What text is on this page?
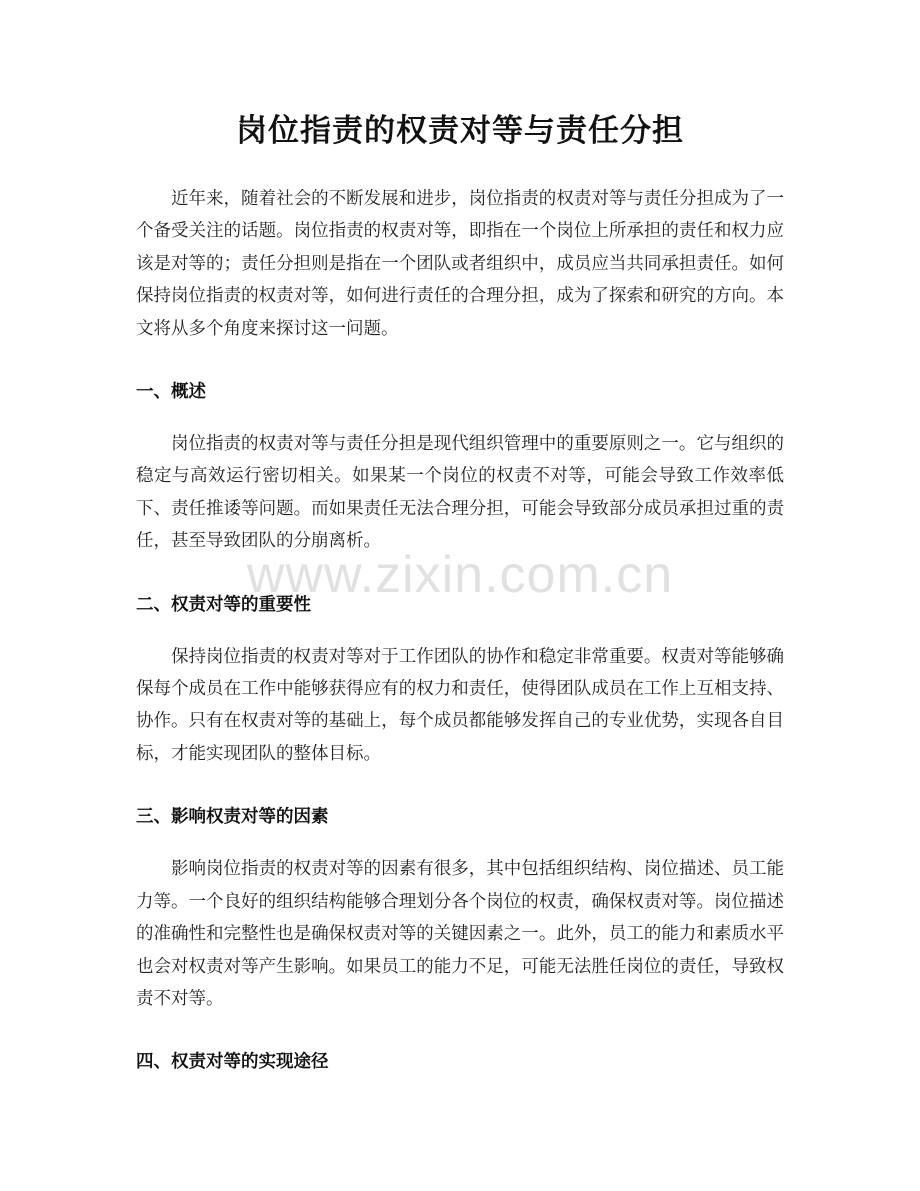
岗位指责的权责对等与责任分担

近年来，随着社会的不断发展和进步，岗位指责的权责对等与责任分担成为了一个备受关注的话题。岗位指责的权责对等，即指在一个岗位上所承担的责任和权力应该是对等的；责任分担则是指在一个团队或者组织中，成员应当共同承担责任。如何保持岗位指责的权责对等，如何进行责任的合理分担，成为了探索和研究的方向。本文将从多个角度来探讨这一问题。

一、概述

岗位指责的权责对等与责任分担是现代组织管理中的重要原则之一。它与组织的稳定与高效运行密切相关。如果某一个岗位的权责不对等，可能会导致工作效率低下、责任推诿等问题。而如果责任无法合理分担，可能会导致部分成员承担过重的责任，甚至导致团队的分崩离析。

二、权责对等的重要性

保持岗位指责的权责对等对于工作团队的协作和稳定非常重要。权责对等能够确保每个成员在工作中能够获得应有的权力和责任，使得团队成员在工作上互相支持、协作。只有在权责对等的基础上，每个成员都能够发挥自己的专业优势，实现各自目标，才能实现团队的整体目标。

三、影响权责对等的因素

影响岗位指责的权责对等的因素有很多，其中包括组织结构、岗位描述、员工能力等。一个良好的组织结构能够合理划分各个岗位的权责，确保权责对等。岗位描述的准确性和完整性也是确保权责对等的关键因素之一。此外，员工的能力和素质水平也会对权责对等产生影响。如果员工的能力不足，可能无法胜任岗位的责任，导致权责不对等。

四、权责对等的实现途径
www.zixin.com.cn
